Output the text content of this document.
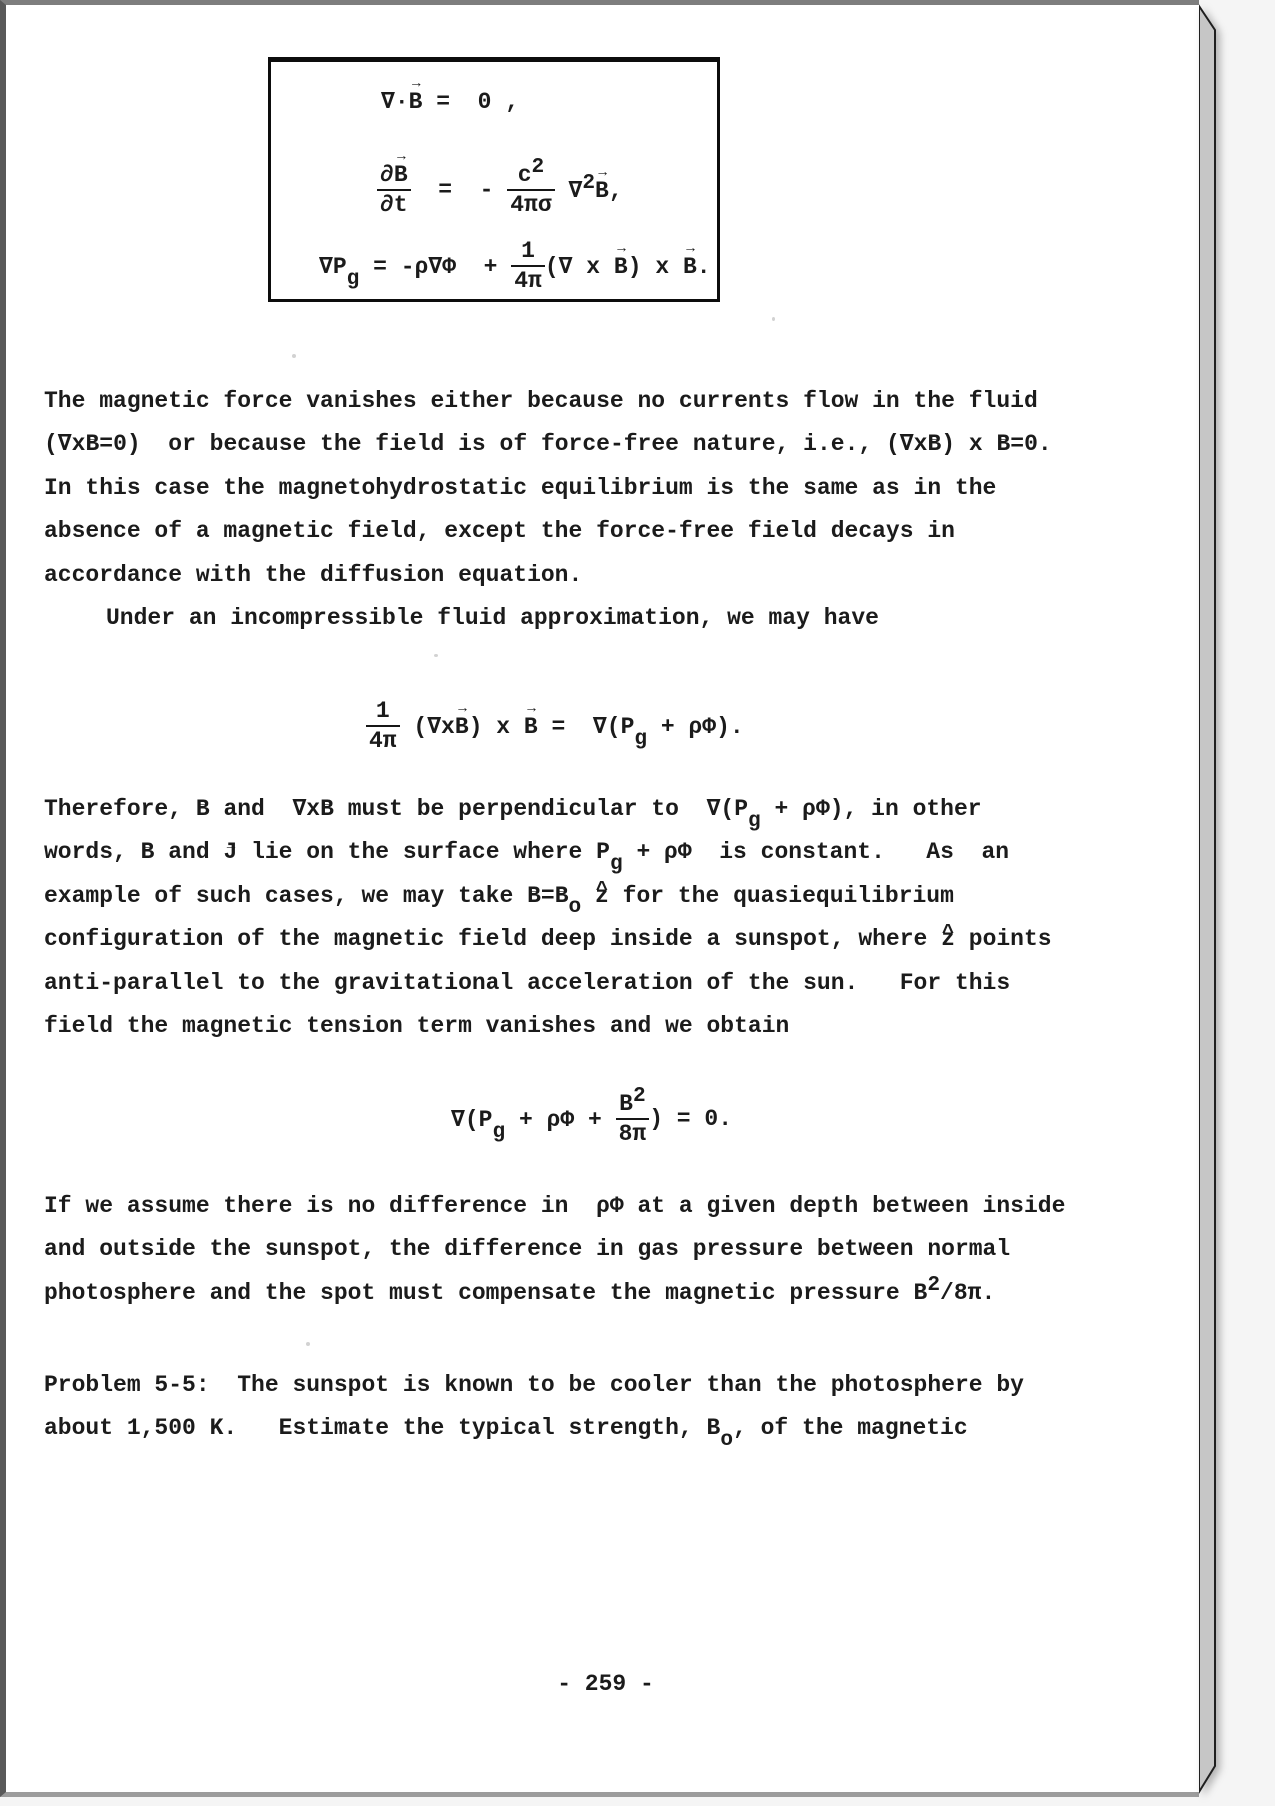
∇·→ B =  0 ,
$\frac{\partial\to B}{\partial t}$ =  -
c2
4πσ
∇2→ B,
$\nabla Pg = -\rho\nabla\Phi + \frac{1}{4\pi}$ (∇ x → B) x → B.
The magnetic force vanishes either because no currents flow in the fluid
(∇x→ B=0)  or because the field is of force-free nature, i.e., (∇x→ B) x → B=0.
In this case the magnetohydrostatic equilibrium is the same as in the
absence of a magnetic field, except the force-free field decays in
accordance with the diffusion equation.
Under an incompressible fluid approximation, we may have
1
4π
(∇x→ B) x → B =  ∇(Pg + ρΦ).
Therefore, → B and  ∇x→ B must be perpendicular to  ∇(Pg + ρΦ), in other
words, → B and → J lie on the surface where Pg + ρΦ  is constant.   As  an
example of such cases, we may take → B=→ Bo ^ z for the quasiequilibrium
configuration of the magnetic field deep inside a sunspot, where ^ z points
anti-parallel to the gravitational acceleration of the sun.   For this
field the magnetic tension term vanishes and we obtain
$\nabla(Pg + \rho\Phi + \frac{B2}{8\pi}$ ) = 0.
If we assume there is no difference in  ρΦ at a given depth between inside
and outside the sunspot, the difference in gas pressure between normal
photosphere and the spot must compensate the magnetic pressure B2/8π.
Problem 5-5:  The sunspot is known to be cooler than the photosphere by
about 1,500 K.   Estimate the typical strength, Bo, of the magnetic
- 259 -
